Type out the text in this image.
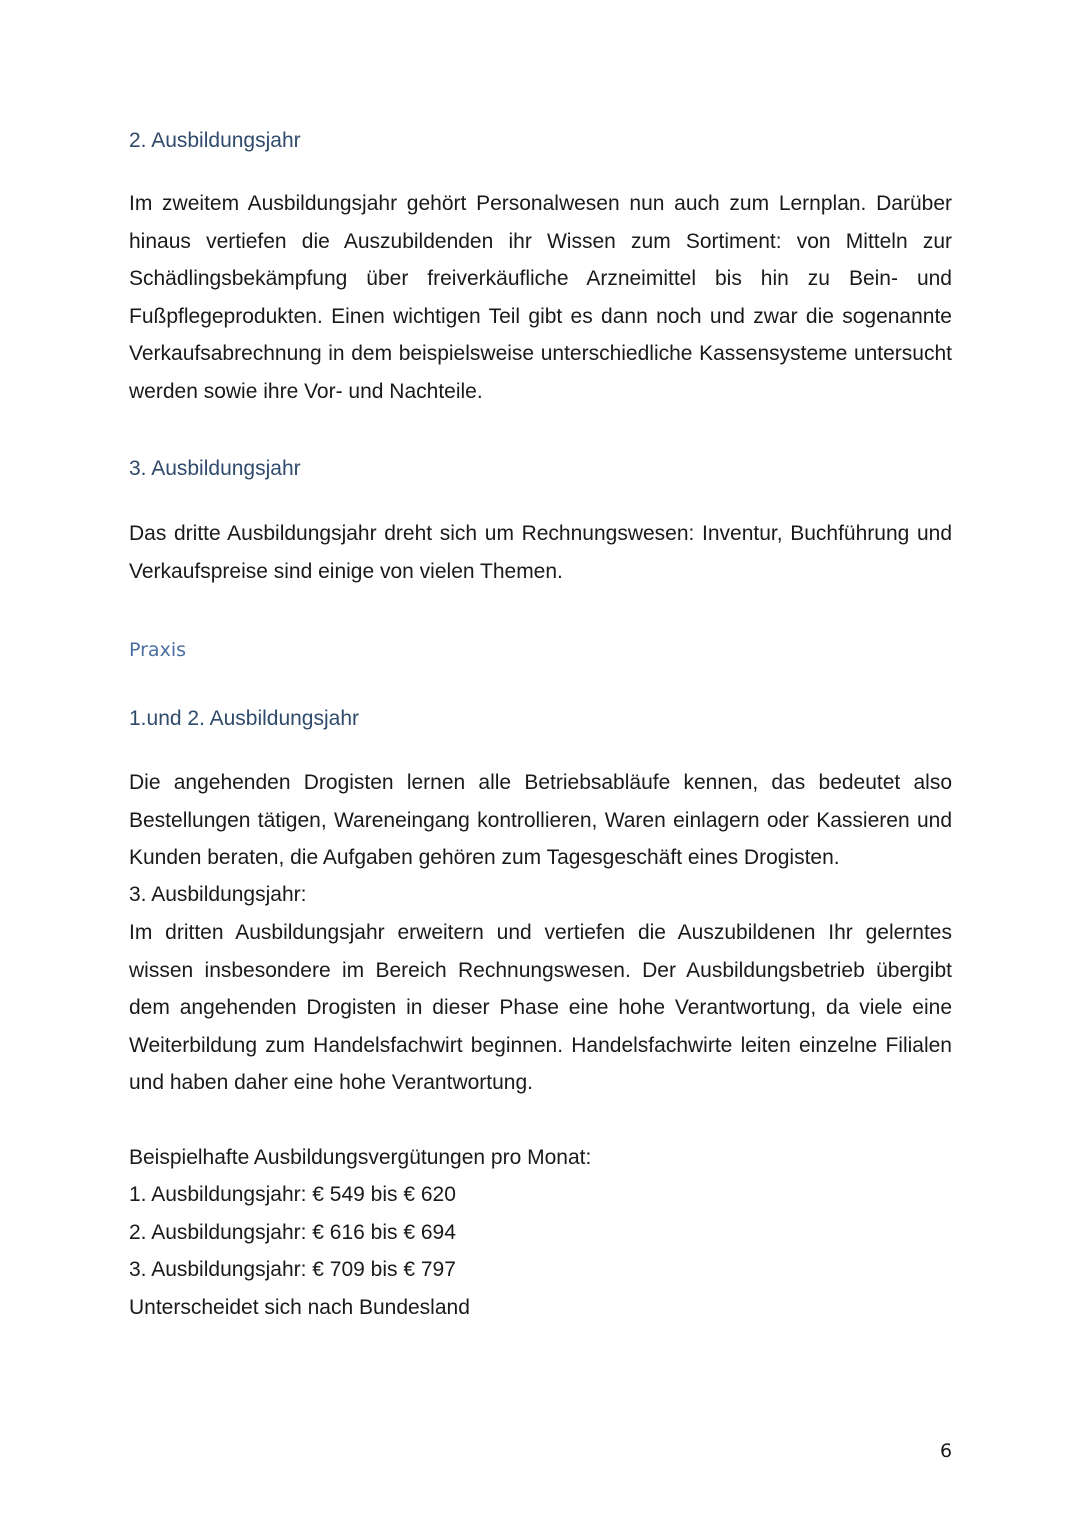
2. Ausbildungsjahr

Im zweitem Ausbildungsjahr gehört Personalwesen nun auch zum Lernplan. Darüber hinaus vertiefen die Auszubildenden ihr Wissen zum Sortiment: von Mitteln zur Schädlingsbekämpfung über freiverkäufliche Arzneimittel bis hin zu Bein- und Fußpflegeprodukten. Einen wichtigen Teil gibt es dann noch und zwar die sogenannte Verkaufsabrechnung in dem beispielsweise unterschiedliche Kassensysteme untersucht werden sowie ihre Vor- und Nachteile.

3. Ausbildungsjahr

Das dritte Ausbildungsjahr dreht sich um Rechnungswesen: Inventur, Buchführung und Verkaufspreise sind einige von vielen Themen.

Praxis
1.und 2. Ausbildungsjahr

Die angehenden Drogisten lernen alle Betriebsabläufe kennen, das bedeutet also Bestellungen tätigen, Wareneingang kontrollieren, Waren einlagern oder Kassieren und Kunden beraten, die Aufgaben gehören zum Tagesgeschäft eines Drogisten.

3. Ausbildungsjahr:

Im dritten Ausbildungsjahr erweitern und vertiefen die Auszubildenen Ihr gelerntes wissen insbesondere im Bereich Rechnungswesen. Der Ausbildungsbetrieb übergibt dem angehenden Drogisten in dieser Phase eine hohe Verantwortung, da viele eine Weiterbildung zum Handelsfachwirt beginnen. Handelsfachwirte leiten einzelne Filialen und haben daher eine hohe Verantwortung.

Beispielhafte Ausbildungsvergütungen pro Monat:

1. Ausbildungsjahr: € 549 bis € 620

2. Ausbildungsjahr: € 616 bis € 694

3. Ausbildungsjahr: € 709 bis € 797

Unterscheidet sich nach Bundesland

6
